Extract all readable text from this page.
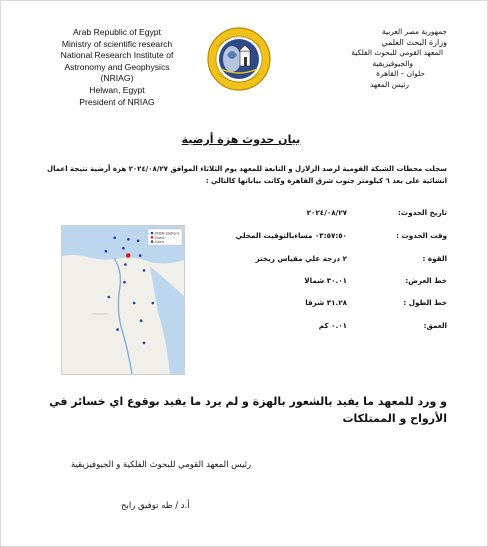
Arab Republic of Egypt
Ministry of scientific research
National Research Institute of
Astronomy and Geophysics
(NRIAG)
Helwan, Egypt
President of NRIAG
جمهورية مصر العربية
وزارة البحث العلمي
المعهد القومي للبحوث الفلكية
والجيوفيزيقية
حلوان – القاهرة
رئيس المعهد
بيان حدوث هزة أرضية
سجلت محطات الشبكة القومية لرصد الزلازل و التابعة للمعهد يوم الثلاثاء الموافق ٢٠٢٤/٠٨/٢٧ هزة أرضية نتيجة اعمال انشائية على بعد ٦ كيلومتر جنوب شرق القاهرة وكانت بياناتها كالتالي :
تاريخ الحدوث:
٢٠٢٤/٠٨/٢٧
وقت الحدوث :
٠٣:٥٧:٥٠ مساءبالتوقيت المحلي
القوة :
٢ درجة علي مقياس ريختر
خط العرض:
٣٠.٠١ شمالا
خط الطول :
٣١.٢٨ شرقا
العمق:
٠.٠١ كم
ENSN Stations
Event
Cairo
و ورد للمعهد ما يفيد بالشعور بالهزة و لم يرد ما يفيد بوقوع اي خسائر في الأرواح و الممتلكات
رئيس المعهد القومي للبحوث الفلكية و الجيوفيزيقية
أ.د / طه توفيق رابح
